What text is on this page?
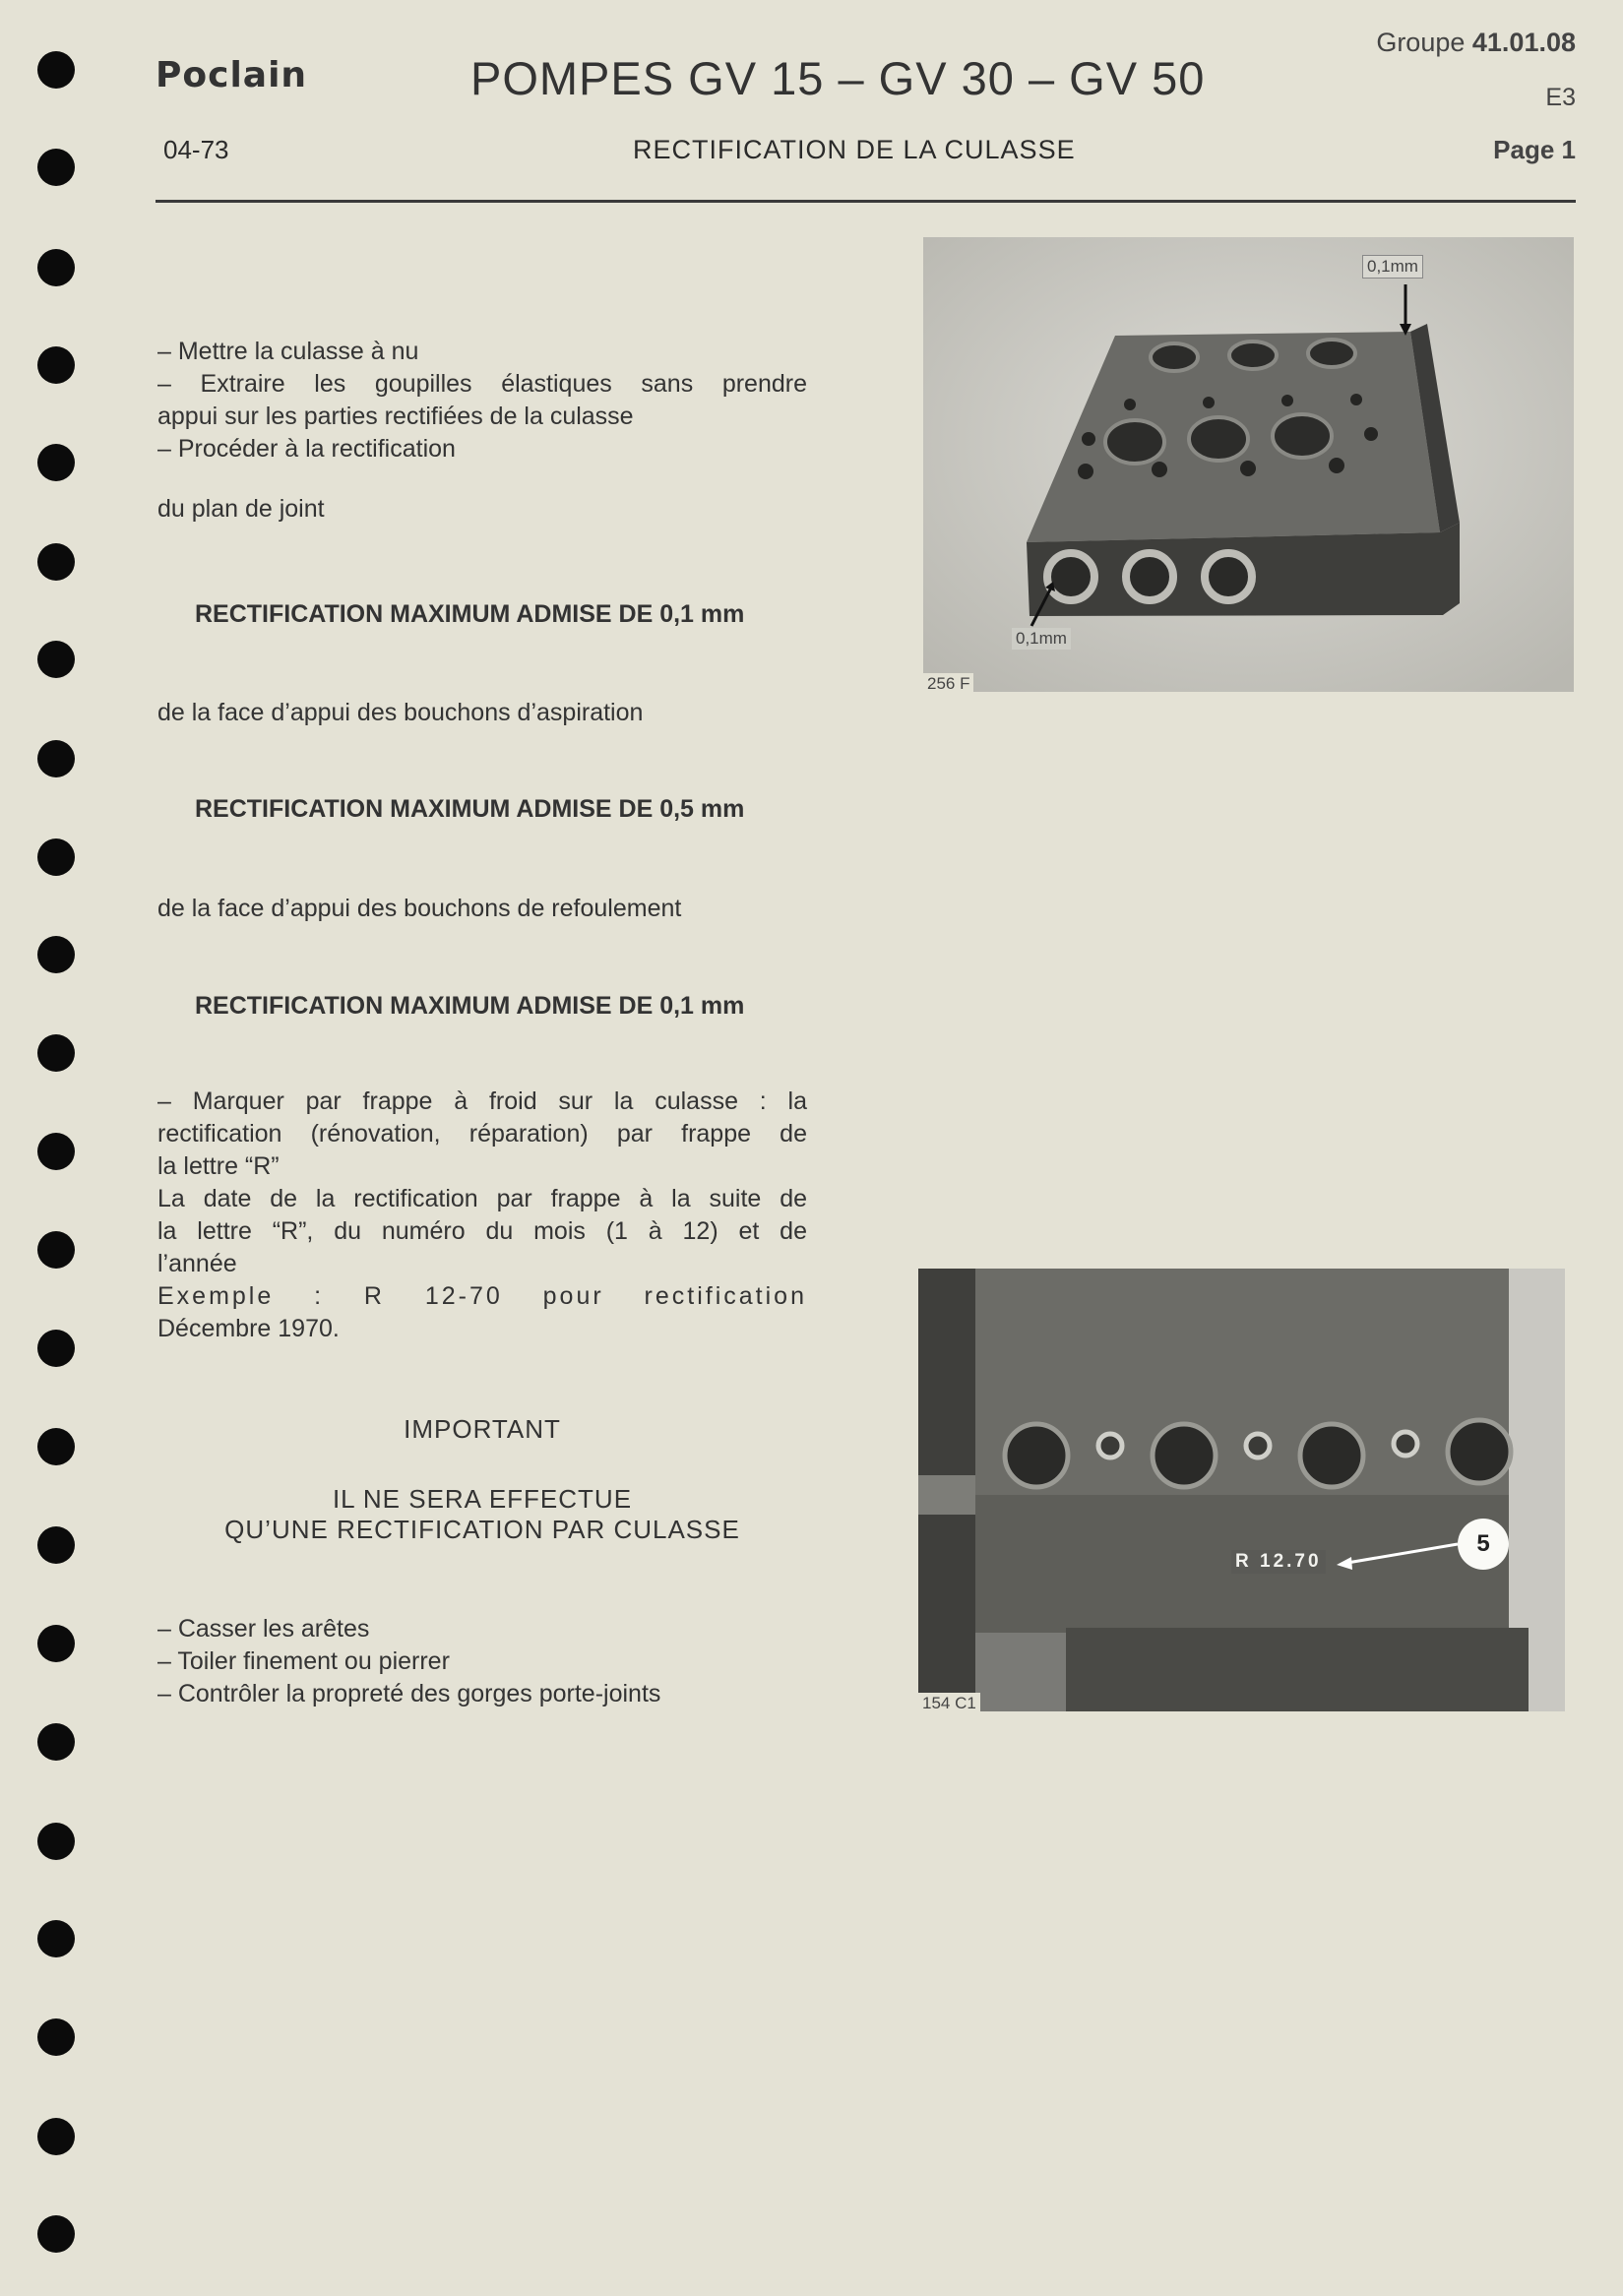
Poclain	POMPES GV 15 – GV 30 – GV 50
Groupe 41.01.08
E3
04-73	RECTIFICATION DE LA CULASSE	Page 1
– Mettre la culasse à nu
– Extraire les goupilles élastiques sans prendre
appui sur les parties rectifiées de la culasse
– Procéder à la rectification
du plan de joint
RECTIFICATION MAXIMUM ADMISE DE 0,1 mm
de la face d’appui des bouchons d’aspiration
RECTIFICATION MAXIMUM ADMISE DE 0,5 mm
de la face d’appui des bouchons de refoulement
RECTIFICATION MAXIMUM ADMISE DE 0,1 mm
– Marquer par frappe à froid sur la culasse : la
rectification (rénovation, réparation) par frappe de
la lettre “R”
La date de la rectification par frappe à la suite de
la lettre “R”, du numéro du mois (1 à 12) et de
l’année
Exemple : R 12-70 pour rectification
Décembre 1970.
IMPORTANT
IL NE SERA EFFECTUE
QU’UNE RECTIFICATION PAR CULASSE
– Casser les arêtes
– Toiler finement ou pierrer
– Contrôler la propreté des gorges porte-joints
0,1mm
0,1mm
256 F
R 12.70
5
154 C1
